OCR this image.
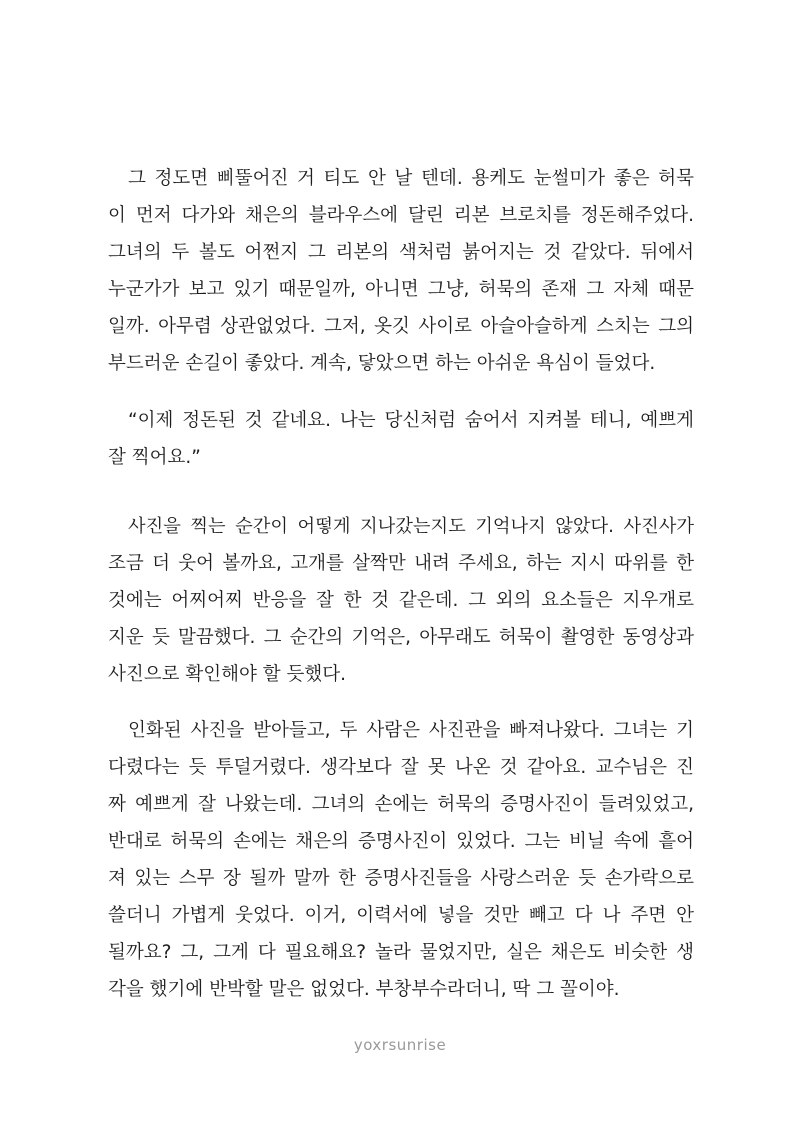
그 정도면 삐뚤어진 거 티도 안 날 텐데. 용케도 눈썰미가 좋은 허묵
이 먼저 다가와 채은의 블라우스에 달린 리본 브로치를 정돈해주었다.
그녀의 두 볼도 어쩐지 그 리본의 색처럼 붉어지는 것 같았다. 뒤에서
누군가가 보고 있기 때문일까, 아니면 그냥, 허묵의 존재 그 자체 때문
일까. 아무렴 상관없었다. 그저, 옷깃 사이로 아슬아슬하게 스치는 그의
부드러운 손길이 좋았다. 계속, 닿았으면 하는 아쉬운 욕심이 들었다.
“이제 정돈된 것 같네요. 나는 당신처럼 숨어서 지켜볼 테니, 예쁘게
잘 찍어요.”
사진을 찍는 순간이 어떻게 지나갔는지도 기억나지 않았다. 사진사가
조금 더 웃어 볼까요, 고개를 살짝만 내려 주세요, 하는 지시 따위를 한
것에는 어찌어찌 반응을 잘 한 것 같은데. 그 외의 요소들은 지우개로
지운 듯 말끔했다. 그 순간의 기억은, 아무래도 허묵이 촬영한 동영상과
사진으로 확인해야 할 듯했다.
인화된 사진을 받아들고, 두 사람은 사진관을 빠져나왔다. 그녀는 기
다렸다는 듯 투덜거렸다. 생각보다 잘 못 나온 것 같아요. 교수님은 진
짜 예쁘게 잘 나왔는데. 그녀의 손에는 허묵의 증명사진이 들려있었고,
반대로 허묵의 손에는 채은의 증명사진이 있었다. 그는 비닐 속에 흩어
져 있는 스무 장 될까 말까 한 증명사진들을 사랑스러운 듯 손가락으로
쓸더니 가볍게 웃었다. 이거, 이력서에 넣을 것만 빼고 다 나 주면 안
될까요? 그, 그게 다 필요해요? 놀라 물었지만, 실은 채은도 비슷한 생
각을 했기에 반박할 말은 없었다. 부창부수라더니, 딱 그 꼴이야.
yoxrsunrise
